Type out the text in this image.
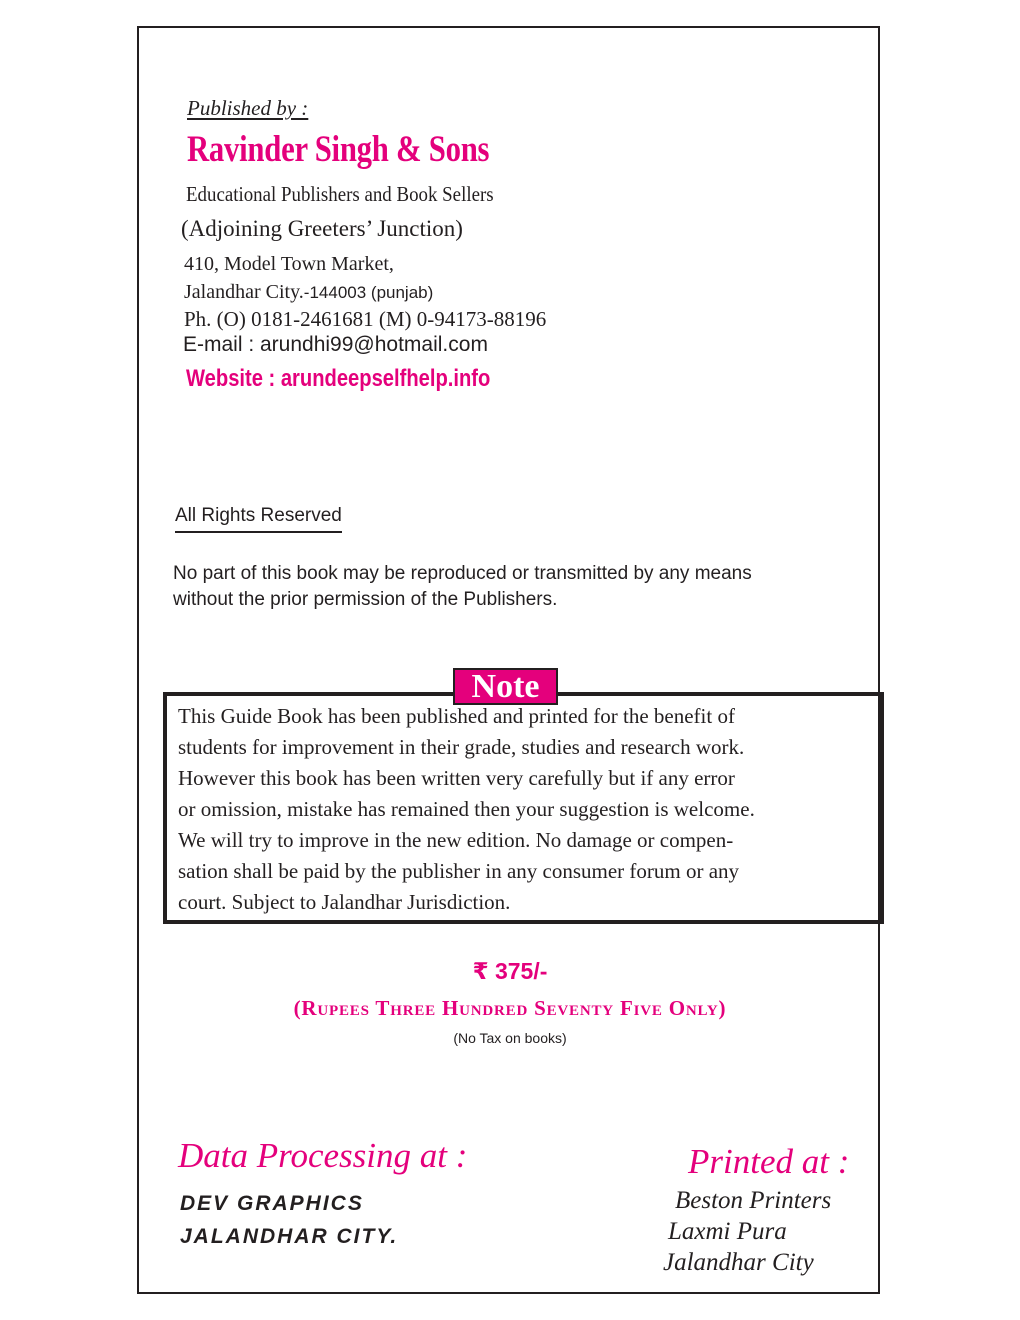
Published by :
Ravinder Singh & Sons
Educational Publishers and Book Sellers
(Adjoining Greeters’ Junction)
410, Model Town Market,
Jalandhar City.-144003 (punjab)
Ph. (O) 0181-2461681 (M) 0-94173-88196
E-mail : arundhi99@hotmail.com
Website : arundeepselfhelp.info
All Rights Reserved
No part of this book may be reproduced or transmitted by any means
without the prior permission of the Publishers.
Note
This Guide Book has been published and printed for the benefit of
students for improvement in their grade, studies and research work.
However this book has been written very carefully but if any error
or omission, mistake has remained then your suggestion is welcome.
We will try to improve in the new edition. No damage or compen-
sation shall be paid by the publisher in any consumer forum or any
court. Subject to Jalandhar Jurisdiction.
₹ 375/-
(Rupees Three Hundred Seventy Five Only)
(No Tax on books)
Data Processing at :
DEV GRAPHICS
JALANDHAR CITY.
Printed at :
Beston Printers
Laxmi Pura
Jalandhar City
